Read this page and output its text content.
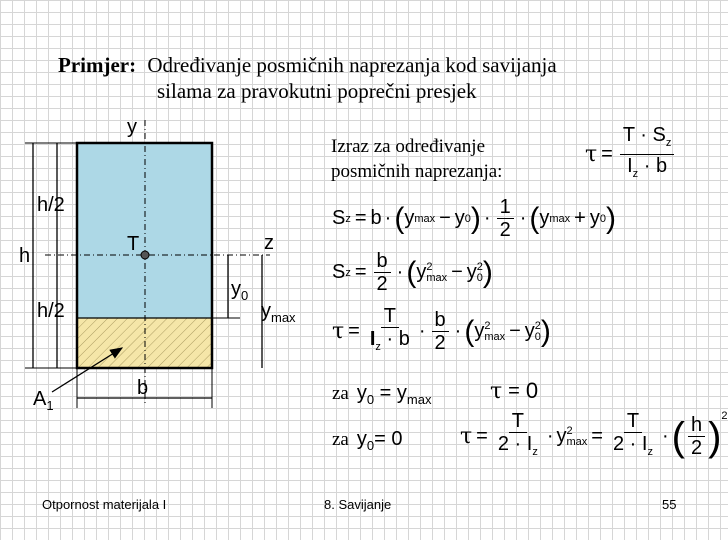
Primjer: Određivanje posmičnih naprezanja kod savijanja
silama za pravokutni poprečni presjek
y
z
T
h/2
h
h/2
$y_0$
$y_{max}$
$A_1$
b
Izraz za određivanje
posmičnih naprezanja:
$\tau = \frac{T \cdot S_z}{I_z \cdot b}$
S z = b · ( y max − y 0 ) · $\frac{1}{2}$ · ( y max + y 0 )
S $z = \frac{b}{2}$ · ( y 2
max − y 2
0 )
$\tau = \frac{T}{I_z \cdot b} \cdot \frac{b}{2}$ · ( y 2
max − y 2
0 )
za $y_0 = y_{max}$	τ = 0
za $y_0= 0$	$\tau = \frac{T}{2 \cdot I_z} \cdot y$ 2
$\max = \frac{T}{2 \cdot I_z}$ · ( $\frac{h}{2} )^2$
Otpornost materijala I	8. Savijanje	55
